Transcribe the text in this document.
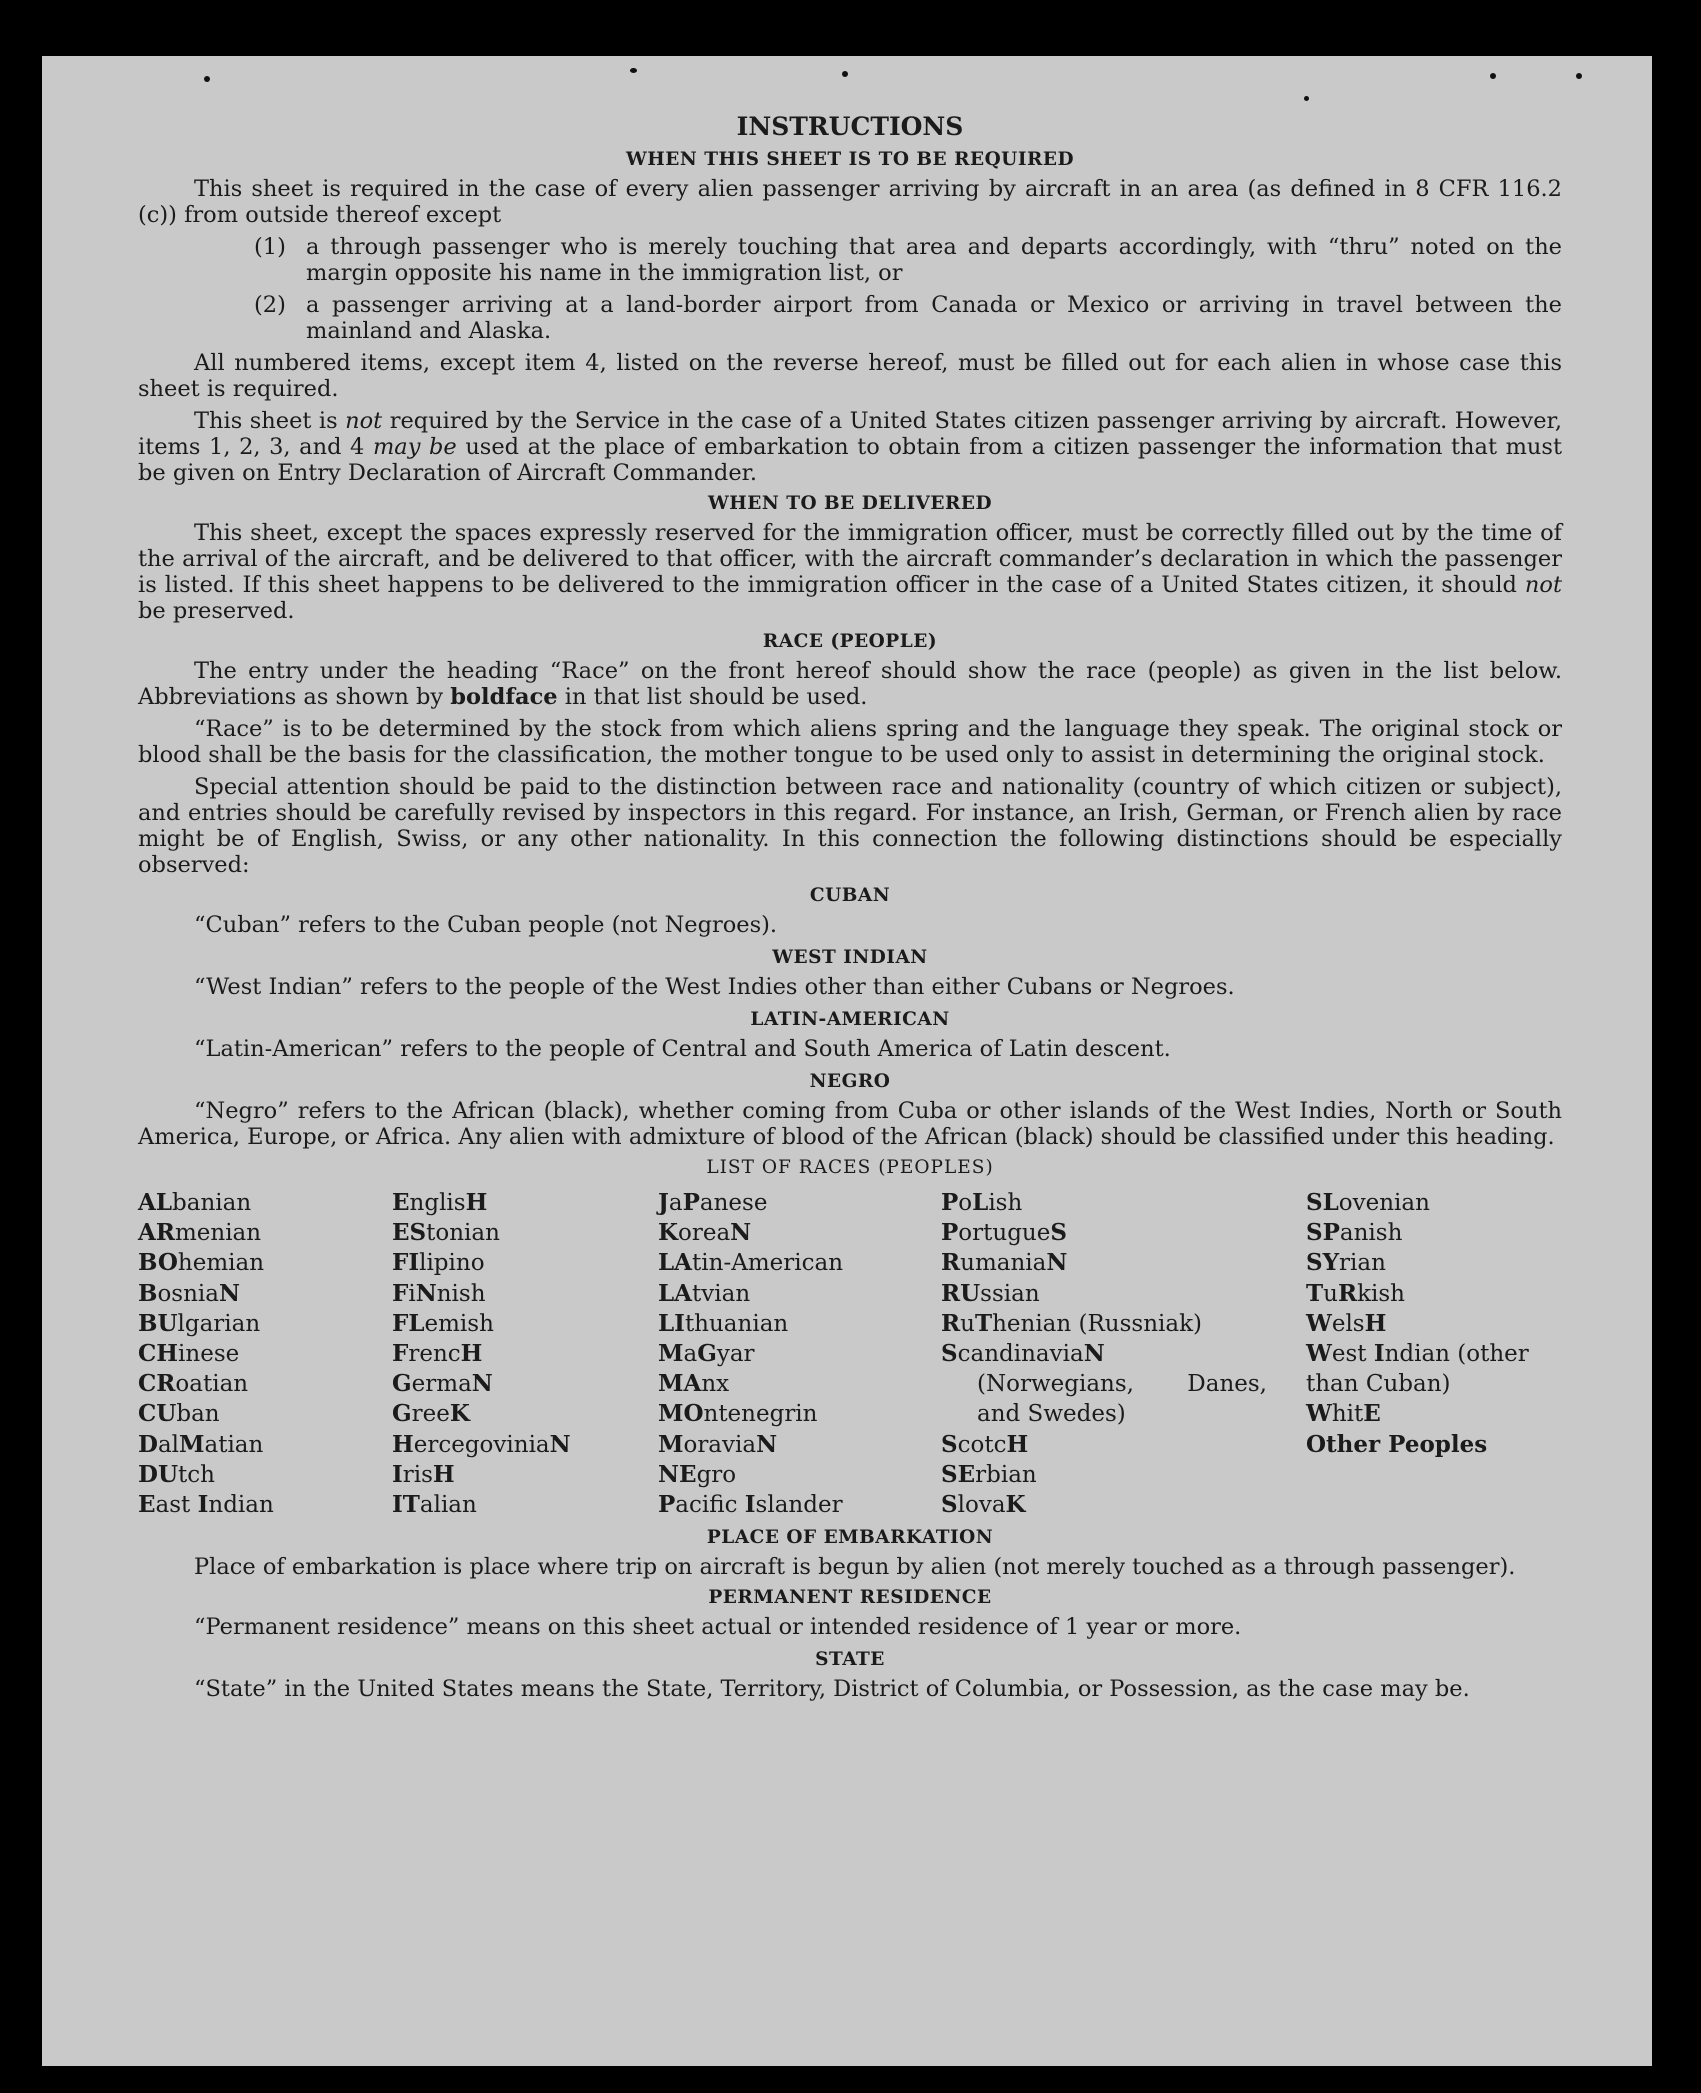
INSTRUCTIONS
WHEN THIS SHEET IS TO BE REQUIRED

This sheet is required in the case of every alien passenger arriving by aircraft in an area (as defined in 8 CFR 116.2 (c)) from outside thereof except

(1) a through passenger who is merely touching that area and departs accordingly, with “thru” noted on the margin opposite his name in the immigration list, or
(2) a passenger arriving at a land-border airport from Canada or Mexico or arriving in travel between the mainland and Alaska.

All numbered items, except item 4, listed on the reverse hereof, must be filled out for each alien in whose case this sheet is required.

This sheet is not required by the Service in the case of a United States citizen passenger arriving by aircraft. However, items 1, 2, 3, and 4 may be used at the place of embarkation to obtain from a citizen passenger the information that must be given on Entry Declaration of Aircraft Commander.

WHEN TO BE DELIVERED

This sheet, except the spaces expressly reserved for the immigration officer, must be correctly filled out by the time of the arrival of the aircraft, and be delivered to that officer, with the aircraft commander’s declaration in which the passenger is listed. If this sheet happens to be delivered to the immigration officer in the case of a United States citizen, it should not be preserved.

RACE (PEOPLE)

The entry under the heading “Race” on the front hereof should show the race (people) as given in the list below. Abbreviations as shown by boldface in that list should be used.

“Race” is to be determined by the stock from which aliens spring and the language they speak. The original stock or blood shall be the basis for the classification, the mother tongue to be used only to assist in determining the original stock.

Special attention should be paid to the distinction between race and nationality (country of which citizen or subject), and entries should be carefully revised by inspectors in this regard. For instance, an Irish, German, or French alien by race might be of English, Swiss, or any other nationality. In this connection the following distinctions should be especially observed:

CUBAN
“Cuban” refers to the Cuban people (not Negroes).
WEST INDIAN
“West Indian” refers to the people of the West Indies other than either Cubans or Negroes.
LATIN-AMERICAN
“Latin-American” refers to the people of Central and South America of Latin descent.
NEGRO

“Negro” refers to the African (black), whether coming from Cuba or other islands of the West Indies, North or South America, Europe, or Africa. Any alien with admixture of blood of the African (black) should be classified under this heading.

LIST OF RACES (PEOPLES)
ALbanian
ARmenian
BOhemian
BosniaN
BUlgarian
CHinese
CRoatian
CUban
DalMatian
DUtch
East Indian
EnglisH
EStonian
FIlipino
FiNnish
FLemish
FrencH
GermaN
GreeK
HercegoviniaN
IrisH
ITalian
JaPanese
KoreaN
LAtin-American
LAtvian
LIthuanian
MaGyar
MAnx
MOntenegrin
MoraviaN
NEgro
Pacific Islander
PoLish
PortugueS
RumaniaN
RUssian
RuThenian (Russniak)
ScandinaviaN (Norwegians, Danes, and Swedes)
ScotcH
SErbian
SlovaK
SLovenian
SPanish
SYrian
TuRkish
WelsH
West Indian (other than Cuban)
WhitE
Other Peoples
PLACE OF EMBARKATION

Place of embarkation is place where trip on aircraft is begun by alien (not merely touched as a through passenger).

PERMANENT RESIDENCE
“Permanent residence” means on this sheet actual or intended residence of 1 year or more.
STATE

“State” in the United States means the State, Territory, District of Columbia, or Possession, as the case may be.
